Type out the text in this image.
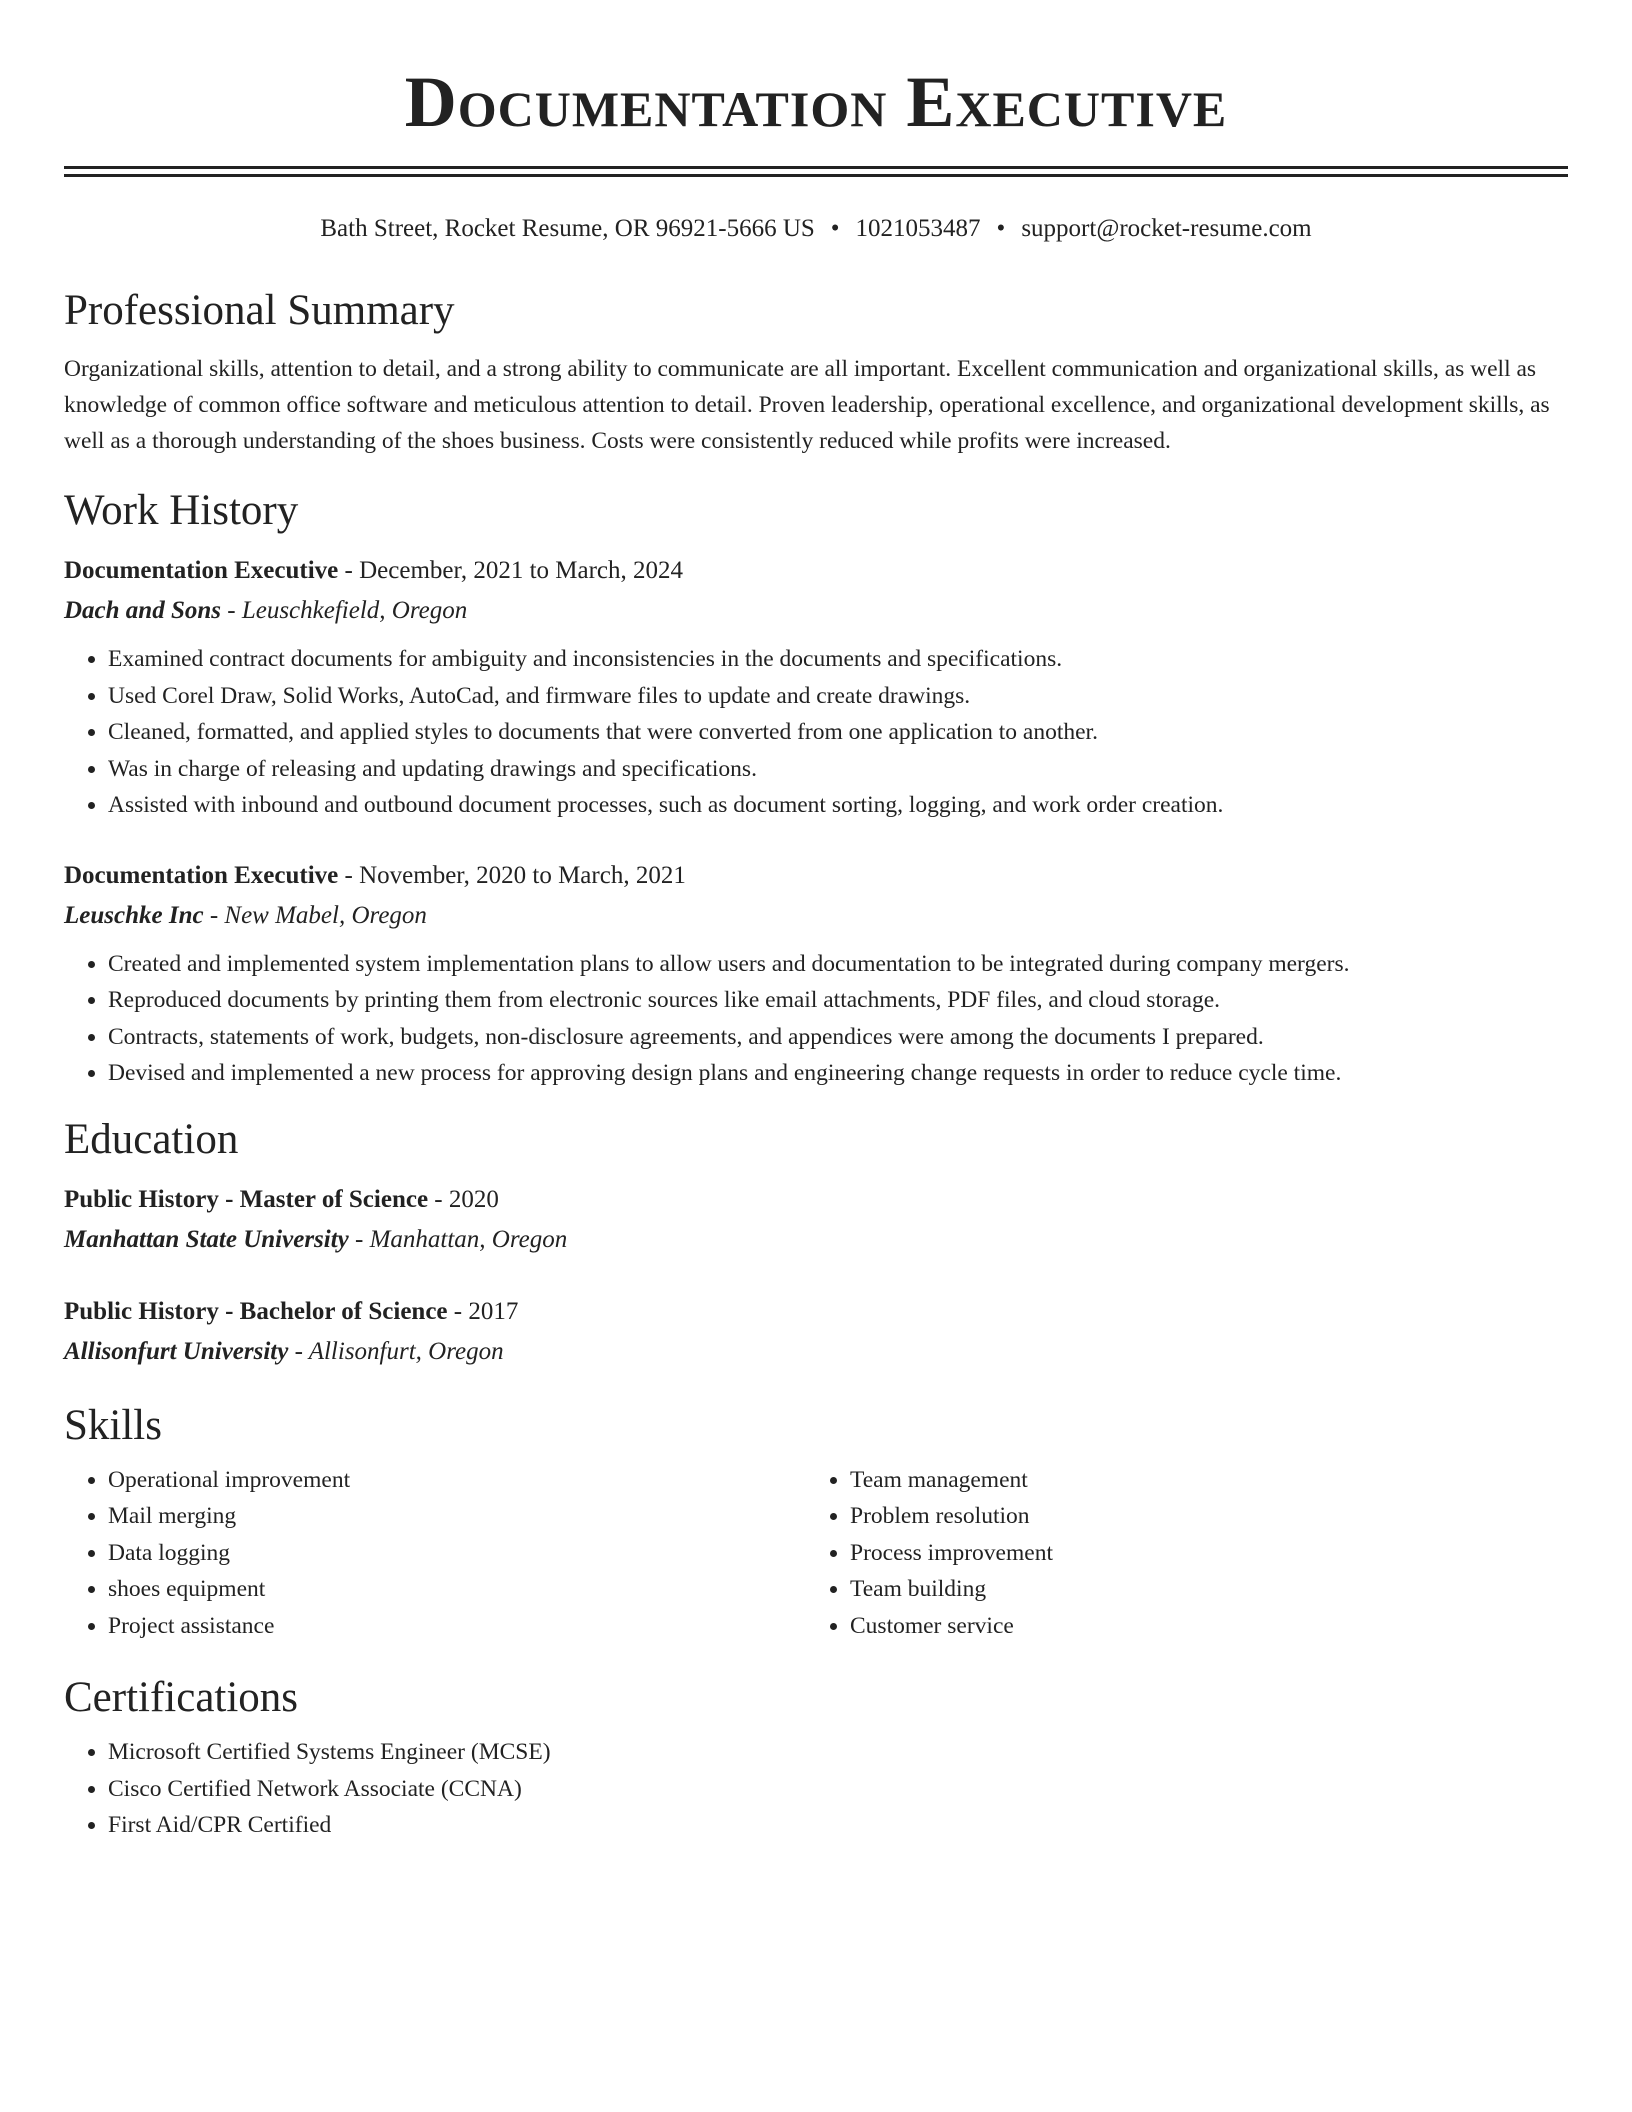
Documentation Executive
Bath Street, Rocket Resume, OR 96921-5666 US • 1021053487 • support@rocket-resume.com
Professional Summary
Organizational skills, attention to detail, and a strong ability to communicate are all important. Excellent communication and organizational skills, as well as knowledge of common office software and meticulous attention to detail. Proven leadership, operational excellence, and organizational development skills, as well as a thorough understanding of the shoes business. Costs were consistently reduced while profits were increased.
Work History
Documentation Executive - December, 2021 to March, 2024
Dach and Sons - Leuschkefield, Oregon
• Examined contract documents for ambiguity and inconsistencies in the documents and specifications.
• Used Corel Draw, Solid Works, AutoCad, and firmware files to update and create drawings.
• Cleaned, formatted, and applied styles to documents that were converted from one application to another.
• Was in charge of releasing and updating drawings and specifications.
• Assisted with inbound and outbound document processes, such as document sorting, logging, and work order creation.
Documentation Executive - November, 2020 to March, 2021
Leuschke Inc - New Mabel, Oregon
• Created and implemented system implementation plans to allow users and documentation to be integrated during company mergers.
• Reproduced documents by printing them from electronic sources like email attachments, PDF files, and cloud storage.
• Contracts, statements of work, budgets, non-disclosure agreements, and appendices were among the documents I prepared.
• Devised and implemented a new process for approving design plans and engineering change requests in order to reduce cycle time.
Education
Public History - Master of Science - 2020
Manhattan State University - Manhattan, Oregon
Public History - Bachelor of Science - 2017
Allisonfurt University - Allisonfurt, Oregon
Skills
• Operational improvement
• Mail merging
• Data logging
• shoes equipment
• Project assistance
• Team management
• Problem resolution
• Process improvement
• Team building
• Customer service
Certifications
• Microsoft Certified Systems Engineer (MCSE)
• Cisco Certified Network Associate (CCNA)
• First Aid/CPR Certified
